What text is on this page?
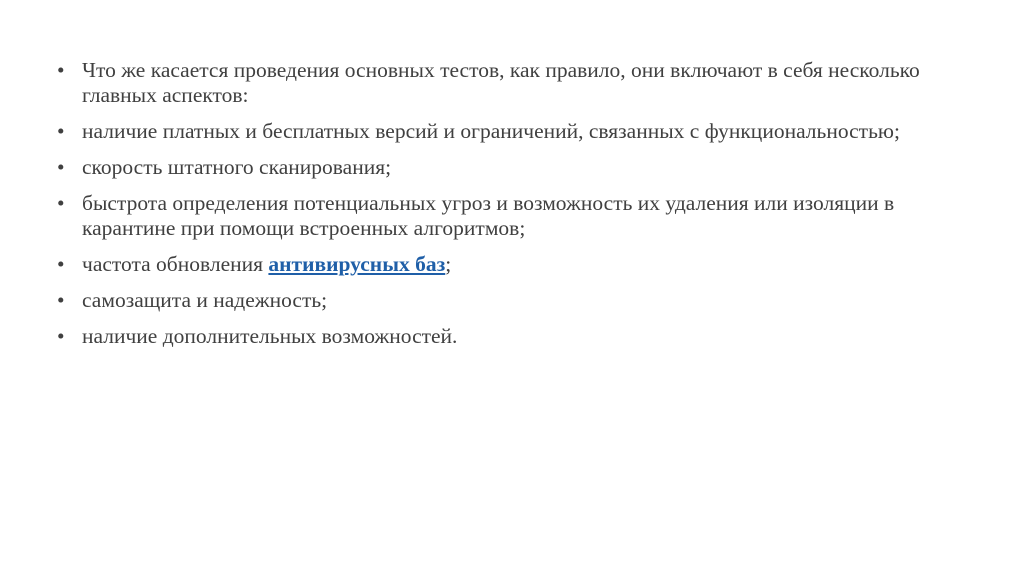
• Что же касается проведения основных тестов, как правило, они включают в себя несколько главных аспектов:
• наличие платных и бесплатных версий и ограничений, связанных с функциональностью;
• скорость штатного сканирования;
• быстрота определения потенциальных угроз и возможность их удаления или изоляции в карантине при помощи встроенных алгоритмов;
• частота обновления антивирусных баз;
• самозащита и надежность;
• наличие дополнительных возможностей.
